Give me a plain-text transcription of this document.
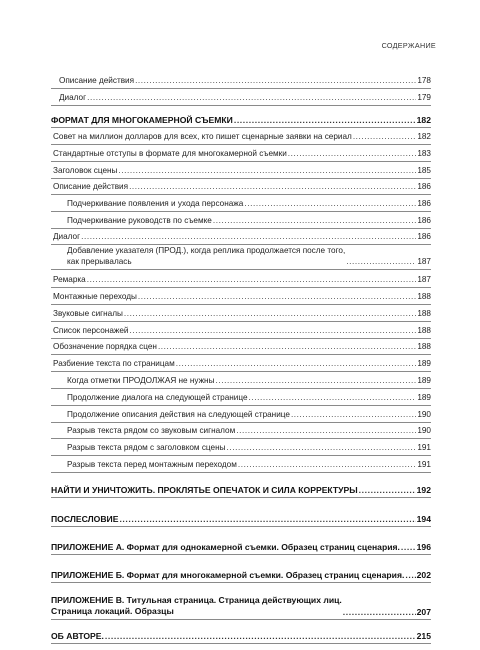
СОДЕРЖАНИЕ
Описание действия .....	178
Диалог .....	179
ФОРМАТ ДЛЯ МНОГОКАМЕРНОЙ СЪЕМКИ .....	182
Совет на миллион долларов для всех, кто пишет сценарные заявки на сериал .....	182
Стандартные отступы в формате для многокамерной съемки .....	183
Заголовок сцены .....	185
Описание действия .....	186
Подчеркивание появления и ухода персонажа .....	186
Подчеркивание руководств по съемке .....	186
Диалог .....	186
Добавление указателя (ПРОД.), когда реплика продолжается после того,
как прерывалась .....	187
Ремарка .....	187
Монтажные переходы .....	188
Звуковые сигналы .....	188
Список персонажей .....	188
Обозначение порядка сцен .....	188
Разбиение текста по страницам .....	189
Когда отметки ПРОДОЛЖАЯ не нужны .....	189
Продолжение диалога на следующей странице .....	189
Продолжение описания действия на следующей странице .....	190
Разрыв текста рядом со звуковым сигналом .....	190
Разрыв текста рядом с заголовком сцены .....	191
Разрыв текста перед монтажным переходом .....	191
НАЙТИ И УНИЧТОЖИТЬ. ПРОКЛЯТЬЕ ОПЕЧАТОК И СИЛА КОРРЕКТУРЫ .....	192
ПОСЛЕСЛОВИЕ .....	194
ПРИЛОЖЕНИЕ А. Формат для однокамерной съемки. Образец страниц сценария. ..... 196
ПРИЛОЖЕНИЕ Б. Формат для многокамерной съемки. Образец страниц сценария. ..... 202
ПРИЛОЖЕНИЕ В. Титульная страница. Страница действующих лиц.
Страница локаций. Образцы .....	207
ОБ АВТОРЕ. .....	215
